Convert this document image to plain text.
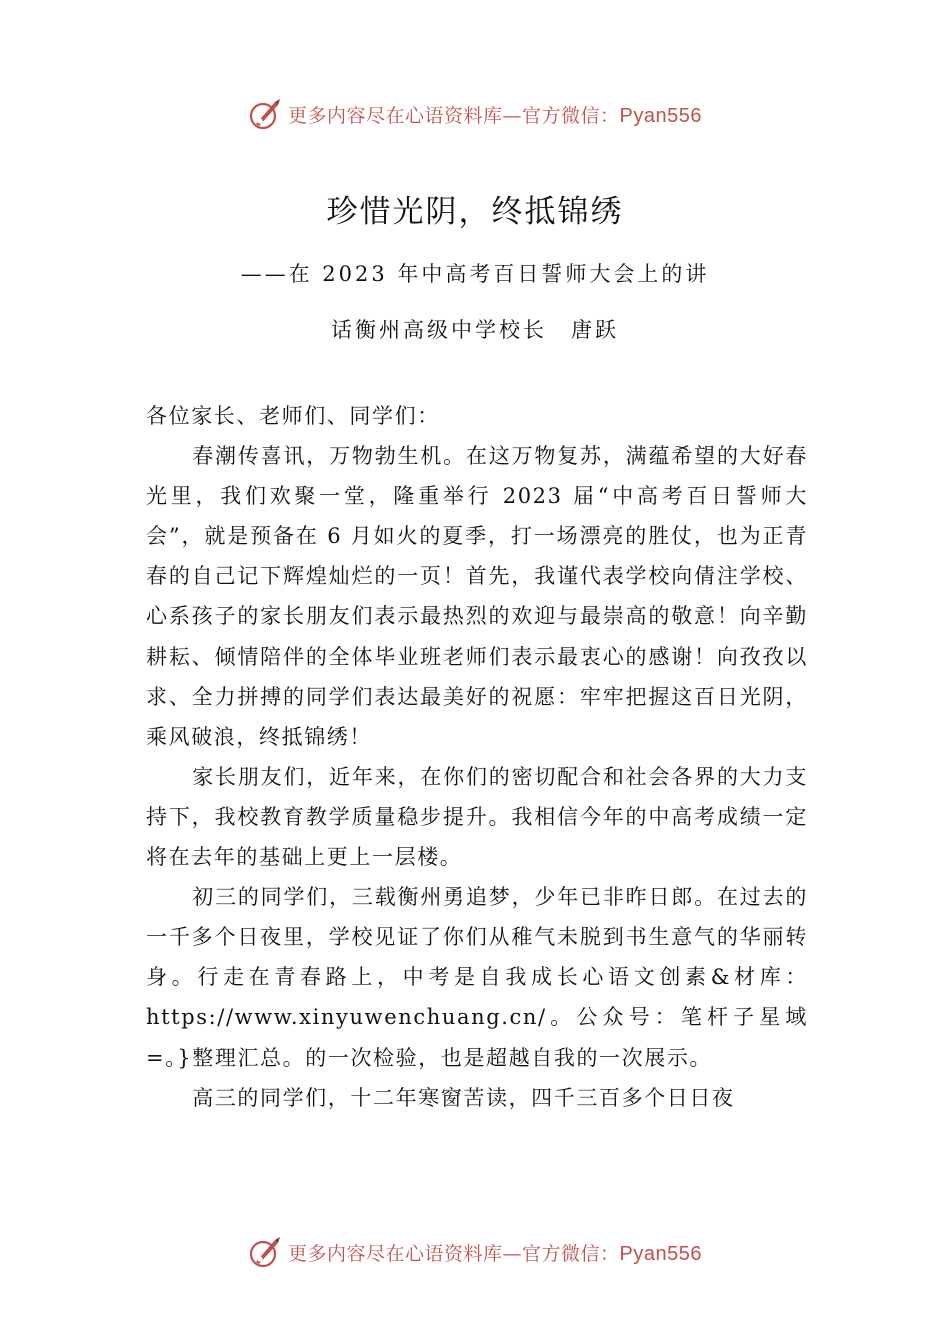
更多内容尽在心语资料库—官方微信：Pyan556
珍惜光阴，终抵锦绣
——在 2023 年中高考百日誓师大会上的讲
话衡州高级中学校长　唐跃

各位家长、老师们、同学们：

春潮传喜讯，万物勃生机。在这万物复苏，满蕴希望的大好春光里，我们欢聚一堂，隆重举行 2023 届“中高考百日誓师大会”，就是预备在 6 月如火的夏季，打一场漂亮的胜仗，也为正青春的自己记下辉煌灿烂的一页！首先，我谨代表学校向倩注学校、心系孩子的家长朋友们表示最热烈的欢迎与最崇高的敬意！向辛勤耕耘、倾情陪伴的全体毕业班老师们表示最衷心的感谢！向孜孜以求、全力拼搏的同学们表达最美好的祝愿：牢牢把握这百日光阴，乘风破浪，终抵锦绣！

家长朋友们，近年来，在你们的密切配合和社会各界的大力支持下，我校教育教学质量稳步提升。我相信今年的中高考成绩一定将在去年的基础上更上一层楼。

初三的同学们，三载衡州勇追梦，少年已非昨日郎。在过去的一千多个日夜里，学校见证了你们从稚气未脱到书生意气的华丽转身。行走在青春路上，中考是自我成长心语文创素&材库：https://www.xinyuwenchuang.cn/。公众号：笔杆子星域=。}整理汇总。的一次检验，也是超越自我的一次展示。

高三的同学们，十二年寒窗苦读，四千三百多个日日夜

更多内容尽在心语资料库—官方微信：Pyan556
